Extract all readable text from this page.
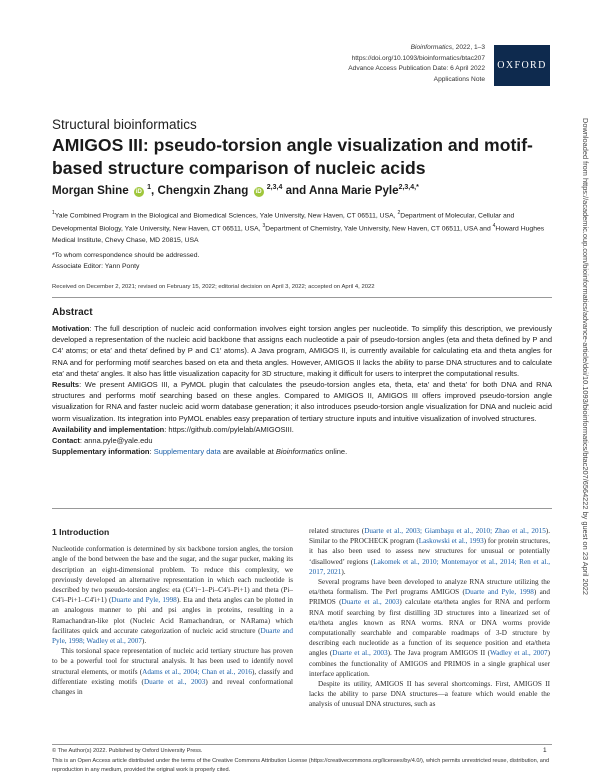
Bioinformatics, 2022, 1–3
https://doi.org/10.1093/bioinformatics/btac207
Advance Access Publication Date: 6 April 2022
Applications Note
OXFORD
Structural bioinformatics
AMIGOS III: pseudo-torsion angle visualization and motif-based structure comparison of nucleic acids
Morgan Shine iD $^1$, Chengxin Zhang iD $^{2,3,4}$ and Anna Marie Pyle$^{2,3,4,*}$
$^1$Yale Combined Program in the Biological and Biomedical Sciences, Yale University, New Haven, CT 06511, USA, $^2$Department of Molecular, Cellular and Developmental Biology, Yale University, New Haven, CT 06511, USA, $^3$Department of Chemistry, Yale University, New Haven, CT 06511, USA and $^4$Howard Hughes Medical Institute, Chevy Chase, MD 20815, USA
*To whom correspondence should be addressed.
Associate Editor: Yann Ponty
Received on December 2, 2021; revised on February 15, 2022; editorial decision on April 3, 2022; accepted on April 4, 2022
Abstract

Motivation: The full description of nucleic acid conformation involves eight torsion angles per nucleotide. To simplify this description, we previously developed a representation of the nucleic acid backbone that assigns each nucleotide a pair of pseudo-torsion angles (eta and theta defined by P and C4′ atoms; or eta′ and theta′ defined by P and C1′ atoms). A Java program, AMIGOS II, is currently available for calculating eta and theta angles for RNA and for performing motif searches based on eta and theta angles. However, AMIGOS II lacks the ability to parse DNA structures and to calculate eta′ and theta′ angles. It also has little visualization capacity for 3D structure, making it difficult for users to interpret the computational results.

Results: We present AMIGOS III, a PyMOL plugin that calculates the pseudo-torsion angles eta, theta, eta′ and theta′ for both DNA and RNA structures and performs motif searching based on these angles. Compared to AMIGOS II, AMIGOS III offers improved pseudo-torsion angle visualization for RNA and faster nucleic acid worm database generation; it also introduces pseudo-torsion angle visualization for DNA and nucleic acid worm visualization. Its integration into PyMOL enables easy preparation of tertiary structure inputs and intuitive visualization of involved structures.

Availability and implementation: https://github.com/pylelab/AMIGOSIII.

Contact: anna.pyle@yale.edu

Supplementary information: Supplementary data are available at Bioinformatics online.

1 Introduction

Nucleotide conformation is determined by six backbone torsion angles, the torsion angle of the bond between the base and the sugar, and the sugar pucker, making its description an eight-dimensional problem. To reduce this complexity, we previously developed an alternative representation in which each nucleotide is described by two pseudo-torsion angles: eta (C4′i−1–Pi–C4′i–Pi+1) and theta (Pi–C4′i–Pi+1–C4′i+1) (Duarte and Pyle, 1998). Eta and theta angles can be plotted in an analogous manner to phi and psi angles in proteins, resulting in a Ramachandran-like plot (Nucleic Acid Ramachandran, or NARama) which facilitates quick and accurate categorization of nucleic acid structure (Duarte and Pyle, 1998; Wadley et al., 2007).

This torsional space representation of nucleic acid tertiary structure has proven to be a powerful tool for structural analysis. It has been used to identify novel structural elements, or motifs (Adams et al., 2004; Chan et al., 2016), classify and differentiate existing motifs (Duarte et al., 2003) and reveal conformational changes in

related structures (Duarte et al., 2003; Giambaşu et al., 2010; Zhao et al., 2015). Similar to the PROCHECK program (Laskowski et al., 1993) for protein structures, it has also been used to assess new structures for unusual or potentially ‘disallowed’ regions (Lakomek et al., 2010; Montemayor et al., 2014; Ren et al., 2017, 2021).

Several programs have been developed to analyze RNA structure utilizing the eta/theta formalism. The Perl programs AMIGOS (Duarte and Pyle, 1998) and PRIMOS (Duarte et al., 2003) calculate eta/theta angles for RNA and perform RNA motif searching by first distilling 3D structures into a linearized set of eta/theta angles known as RNA worms. RNA or DNA worms provide computationally searchable and comparable roadmaps of 3-D structure by describing each nucleotide as a function of its sequence position and eta/theta angles (Duarte et al., 2003). The Java program AMIGOS II (Wadley et al., 2007) combines the functionality of AMIGOS and PRIMOS in a single graphical user interface application.

Despite its utility, AMIGOS II has several shortcomings. First, AMIGOS II lacks the ability to parse DNA structures—a feature which would enable the analysis of unusual DNA structures, such as

© The Author(s) 2022. Published by Oxford University Press.
This is an Open Access article distributed under the terms of the Creative Commons Attribution License (https://creativecommons.org/licenses/by/4.0/), which permits unrestricted reuse, distribution, and reproduction in any medium, provided the original work is properly cited.
1
Downloaded from https://academic.oup.com/bioinformatics/advance-article/doi/10.1093/bioinformatics/btac207/6564222 by guest on 23 April 2022
